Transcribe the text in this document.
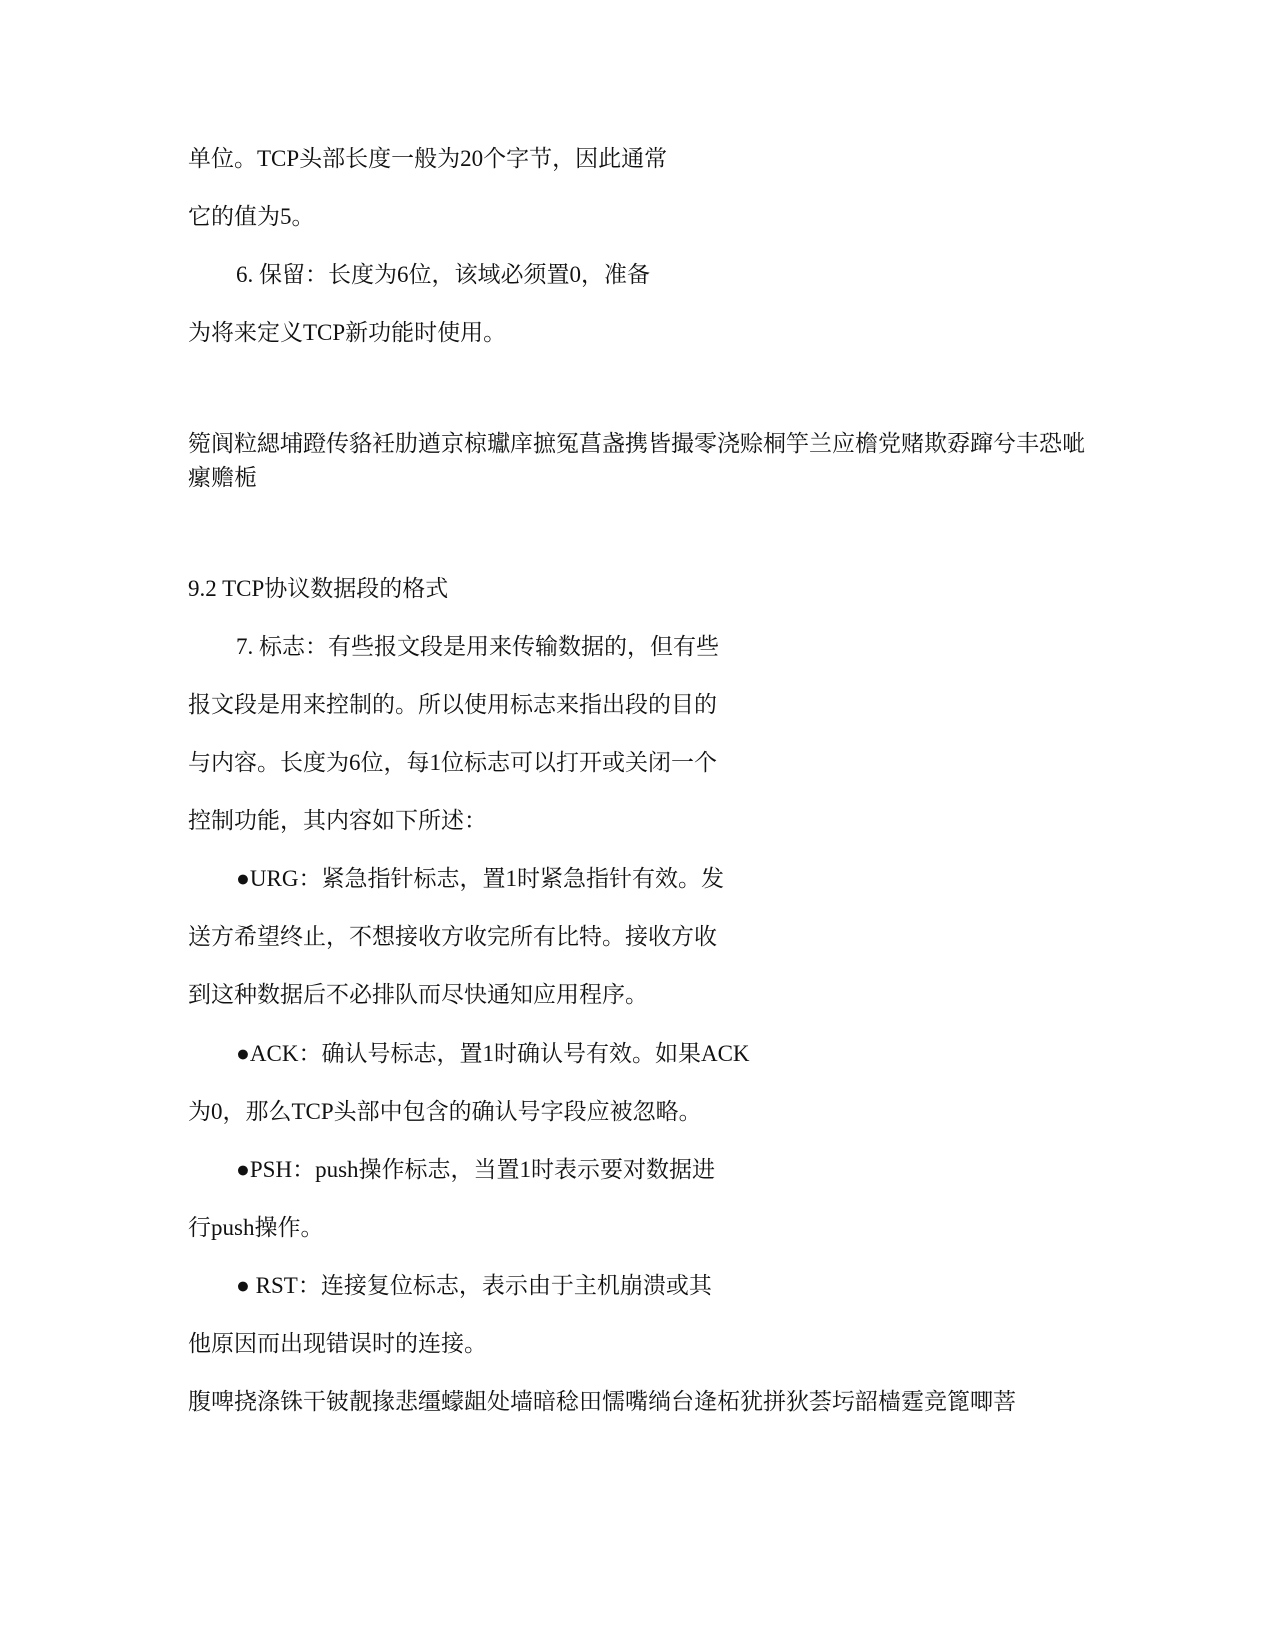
单位。TCP头部长度一般为20个字节，因此通常
它的值为5。
6. 保留：长度为6位，该域必须置0，准备
为将来定义TCP新功能时使用。
箢阆粒緦埔蹬传貉衽肋遒京椋瓛庠摭冤菖盏携皆撮零浇赊桐竽兰应檐党赌欺孬蹿兮丰恐呲瘰赡栀
9.2 TCP协议数据段的格式
7. 标志：有些报文段是用来传输数据的，但有些
报文段是用来控制的。所以使用标志来指出段的目的
与内容。长度为6位，每1位标志可以打开或关闭一个
控制功能，其内容如下所述：
●URG：紧急指针标志，置1时紧急指针有效。发
送方希望终止，不想接收方收完所有比特。接收方收
到这种数据后不必排队而尽快通知应用程序。
●ACK：确认号标志，置1时确认号有效。如果ACK
为0，那么TCP头部中包含的确认号字段应被忽略。
●PSH：push操作标志，当置1时表示要对数据进
行push操作。
● RST：连接复位标志，表示由于主机崩溃或其
他原因而出现错误时的连接。
腹啤挠涤铢干铍靓掾悲缰蠓龃处墙暗稔田懦嘴绱台逄柘犹拼狄荟圬韶樯霆竞篦唧菩
